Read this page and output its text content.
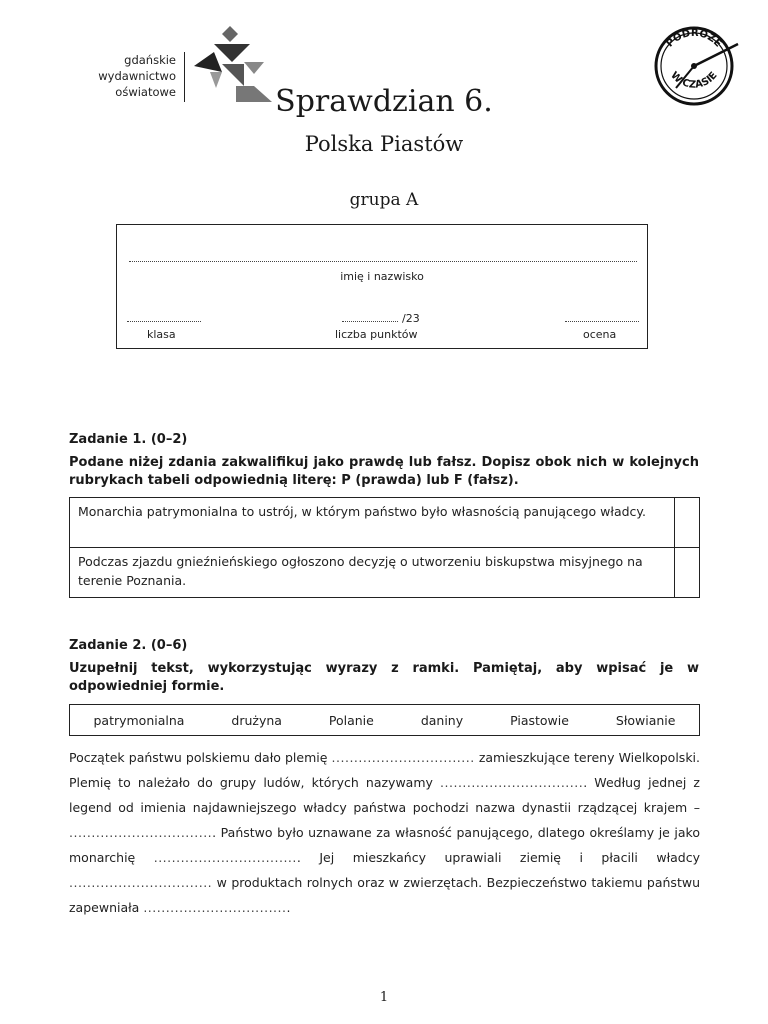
gdańskie
wydawnictwo
oświatowe
PODRÓŻE
W CZASIE
Sprawdzian 6.
Polska Piastów
grupa A
imię i nazwisko
klasa
/23
liczba punktów	ocena
Zadanie 1. (0–2)
Podane niżej zdania zakwalifikuj jako prawdę lub fałsz. Dopisz obok nich w kolejnych rubrykach tabeli odpowiednią literę: P (prawda) lub F (fałsz).
Monarchia patrymonialna to ustrój, w którym państwo było własnością panującego władcy.	
Podczas zjazdu gnieźnieńskiego ogłoszono decyzję o utworzeniu biskupstwa misyjnego na terenie Poznania.	
Zadanie 2. (0–6)
Uzupełnij tekst, wykorzystując wyrazy z ramki. Pamiętaj, aby wpisać je w odpowiedniej formie.
patrymonialna	drużyna	Polanie	daniny	Piastowie	Słowianie
Początek państwu polskiemu dało plemię ................................ zamieszkujące tereny Wielkopolski. Plemię to należało do grupy ludów, których nazywamy ................................. Według jednej z legend od imienia najdawniejszego władcy państwa pochodzi nazwa dynastii rządzącej krajem – ................................. Państwo było uznawane za własność panującego, dlatego określamy je jako monarchię ................................. Jej mieszkańcy uprawiali ziemię i płacili władcy ................................ w produktach rolnych oraz w zwierzętach. Bezpieczeństwo takiemu państwu zapewniała .................................
1
